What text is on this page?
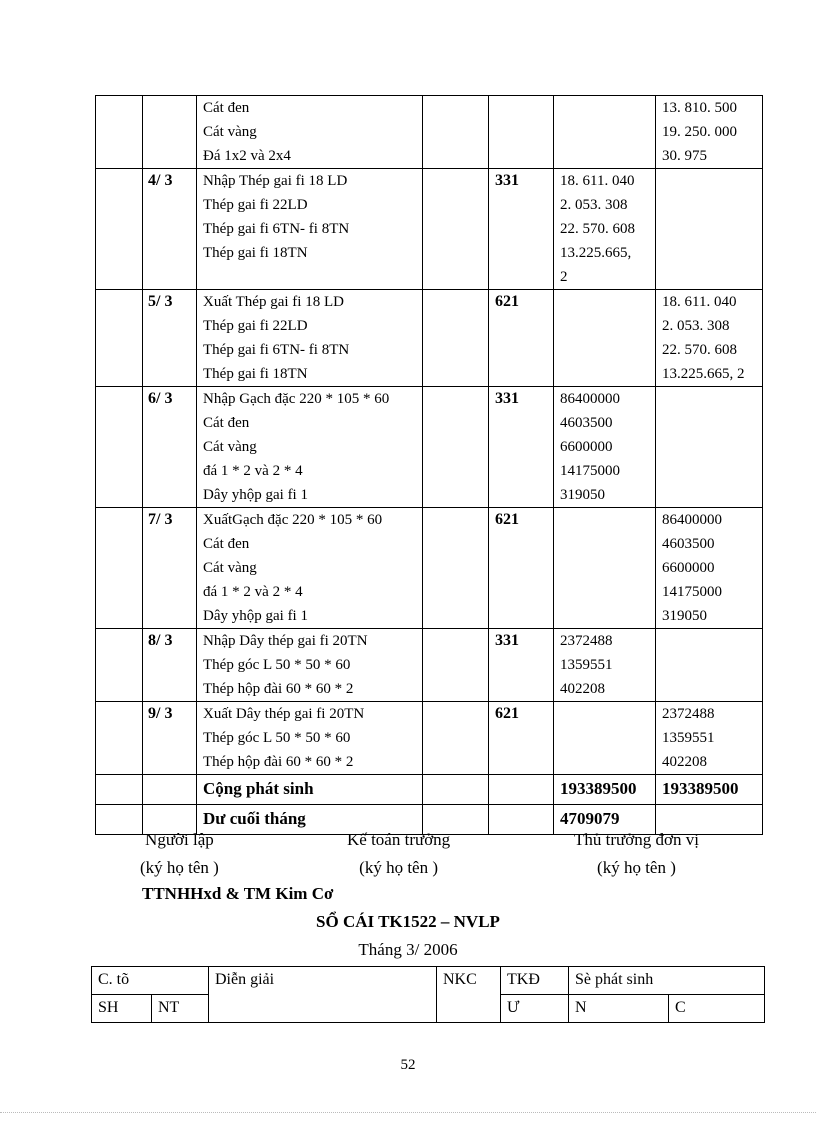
		Cát đen
Cát vàng
Đá 1x2 và 2x4				13. 810. 500
19. 250. 000
30. 975

	4/ 3	Nhập Thép gai fi 18 LD
Thép gai fi 22LD
Thép gai fi 6TN- fi 8TN
Thép gai fi 18TN		331	18. 611. 040
2. 053. 308
22. 570. 608
13.225.665,
2	

	5/ 3	Xuất Thép gai fi 18 LD
Thép gai fi 22LD
Thép gai fi 6TN- fi 8TN
Thép gai fi 18TN		621		18. 611. 040
2. 053. 308
22. 570. 608
13.225.665, 2

	6/ 3	Nhập Gạch đặc 220 * 105 * 60
Cát đen
Cát vàng
đá 1 * 2 và 2 * 4
Dây yhộp gai fi 1		331	86400000
4603500
6600000
14175000
319050	

	7/ 3	XuấtGạch đặc 220 * 105 * 60
Cát đen
Cát vàng
đá 1 * 2 và 2 * 4
Dây yhộp gai fi 1		621		86400000
4603500
6600000
14175000
319050

	8/ 3	Nhập Dây thép gai fi 20TN
Thép góc L 50 * 50 * 60
Thép hộp đài 60 * 60 * 2		331	2372488
1359551
402208	

	9/ 3	Xuất Dây thép gai fi 20TN
Thép góc L 50 * 50 * 60
Thép hộp đài 60 * 60 * 2		621		2372488
1359551
402208

		Cộng phát sinh			193389500	193389500
		Dư cuối tháng			4709079	
Người lập
(ký họ tên )
Kế toán trưởng
(ký họ tên )
Thủ trưởng đơn vị
(ký họ tên )
TTNHHxd & TM Kim Cơ
SỔ CÁI TK1522 – NVLP
Tháng 3/ 2006
C. tõ		Diễn giải	NKC	TKĐ	Sè phát sinh	
SH	NT			Ư	N	C
52
